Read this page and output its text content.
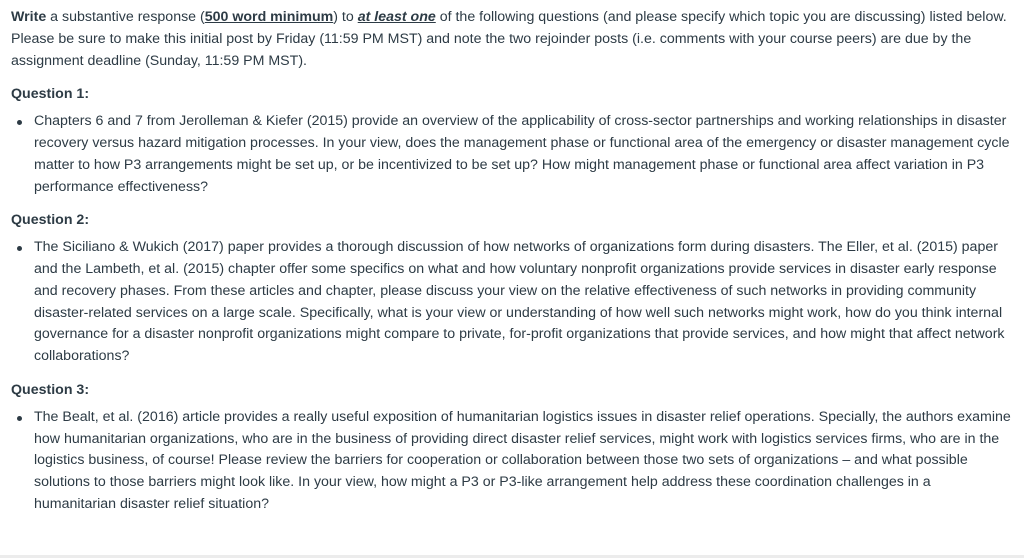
Write a substantive response (500 word minimum) to at least one of the following questions (and please specify which topic you are discussing) listed below. Please be sure to make this initial post by Friday (11:59 PM MST) and note the two rejoinder posts (i.e. comments with your course peers) are due by the assignment deadline (Sunday, 11:59 PM MST).

Question 1:
Chapters 6 and 7 from Jerolleman & Kiefer (2015) provide an overview of the applicability of cross-sector partnerships and working relationships in disaster recovery versus hazard mitigation processes. In your view, does the management phase or functional area of the emergency or disaster management cycle matter to how P3 arrangements might be set up, or be incentivized to be set up? How might management phase or functional area affect variation in P3 performance effectiveness?
Question 2:
The Siciliano & Wukich (2017) paper provides a thorough discussion of how networks of organizations form during disasters. The Eller, et al. (2015) paper and the Lambeth, et al. (2015) chapter offer some specifics on what and how voluntary nonprofit organizations provide services in disaster early response and recovery phases. From these articles and chapter, please discuss your view on the relative effectiveness of such networks in providing community disaster-related services on a large scale. Specifically, what is your view or understanding of how well such networks might work, how do you think internal governance for a disaster nonprofit organizations might compare to private, for-profit organizations that provide services, and how might that affect network collaborations?
Question 3:
The Bealt, et al. (2016) article provides a really useful exposition of humanitarian logistics issues in disaster relief operations. Specially, the authors examine how humanitarian organizations, who are in the business of providing direct disaster relief services, might work with logistics services firms, who are in the logistics business, of course! Please review the barriers for cooperation or collaboration between those two sets of organizations – and what possible solutions to those barriers might look like. In your view, how might a P3 or P3-like arrangement help address these coordination challenges in a humanitarian disaster relief situation?
